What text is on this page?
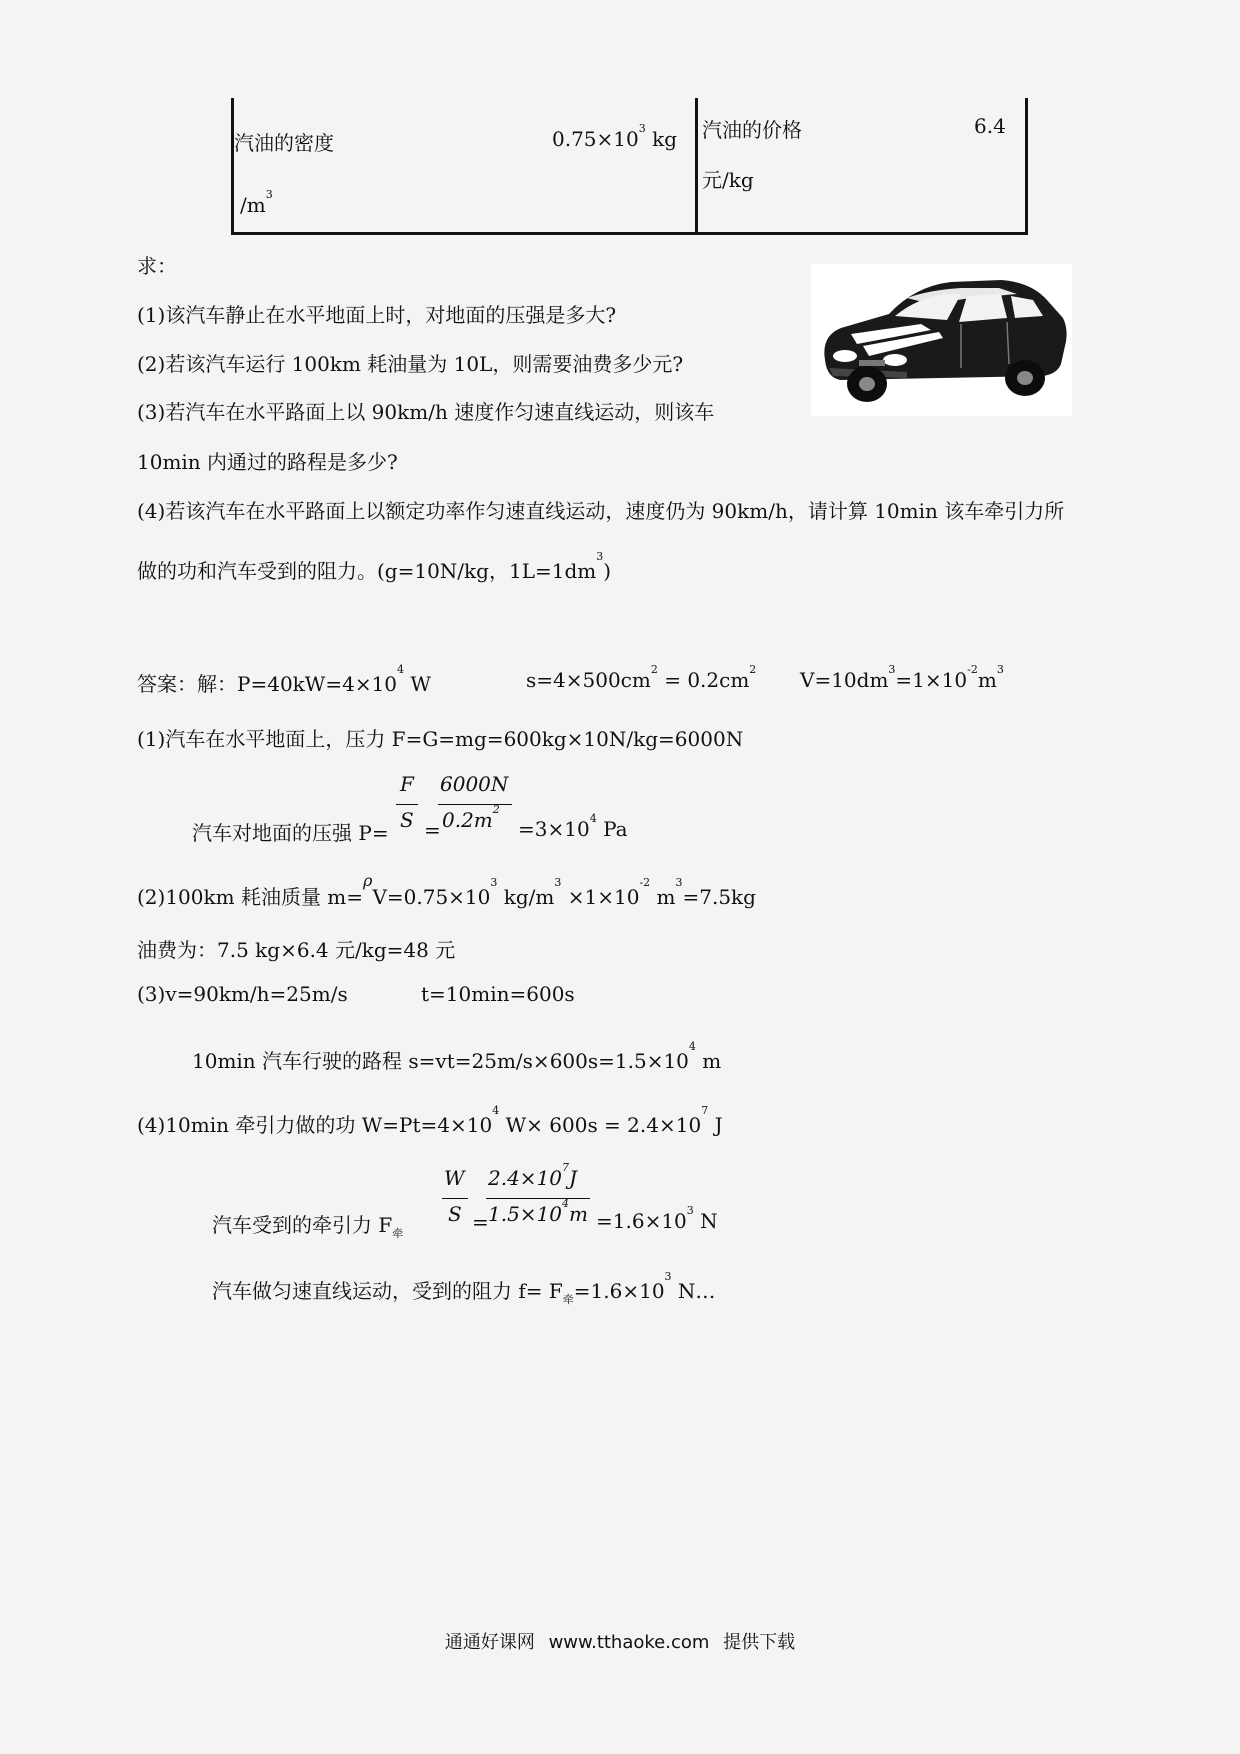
汽油的密度	$0.75\times 10^3$ kg
$/m^3$
汽油的价格	6.4
元/kg
求：
(1)该汽车静止在水平地面上时，对地面的压强是多大?
(2)若该汽车运行 100km 耗油量为 10L，则需要油费多少元?
(3)若汽车在水平路面上以 90km/h 速度作匀速直线运动，则该车
10min 内通过的路程是多少?
(4)若该汽车在水平路面上以额定功率作匀速直线运动，速度仍为 90km/h，请计算 10min 该车牵引力所
做的功和汽车受到的阻力。(g=10N/kg，$1L=1dm^3$)
答案：解：$P=40kW=4\times 10^4$ W	$s=4\times 500cm^2 = 0.2cm^2$ $V=10dm^3=1\times 10^{-2}m^3$
(1)汽车在水平地面上，压力 F=G=mg=600kg×10N/kg=6000N
汽车对地面的压强 P=
F
S =
6000N
$0.2m^2$
$=3\times 10^4$ Pa
(2)100km 耗油质量 $m=^\rho V=0.75\times 10^3$ $kg/m^3 \times 1\times 10^{-2}$ $m^3=7.5kg$
油费为：7.5 kg×6.4 元/kg=48 元
(3)v=90km/h=25m/s	t=10min=600s
10min 汽车行驶的路程 $s=vt=25m/s\times 600s=1.5\times 10^4$ m
(4)10min 牵引力做的功 $W=Pt=4\times 10^4$ $W\times 600s = 2.4\times 10^7$ J
汽车受到的牵引力 $F_牵$
W
S =
$2.4\times 10^7J$
$1.5\times 10^4m =1.6\times 10^3$ N
汽车做匀速直线运动，受到的阻力 $f= F_牵=1.6\times 10^3$ N…
通通好课网 www.tthaoke.com 提供下载
